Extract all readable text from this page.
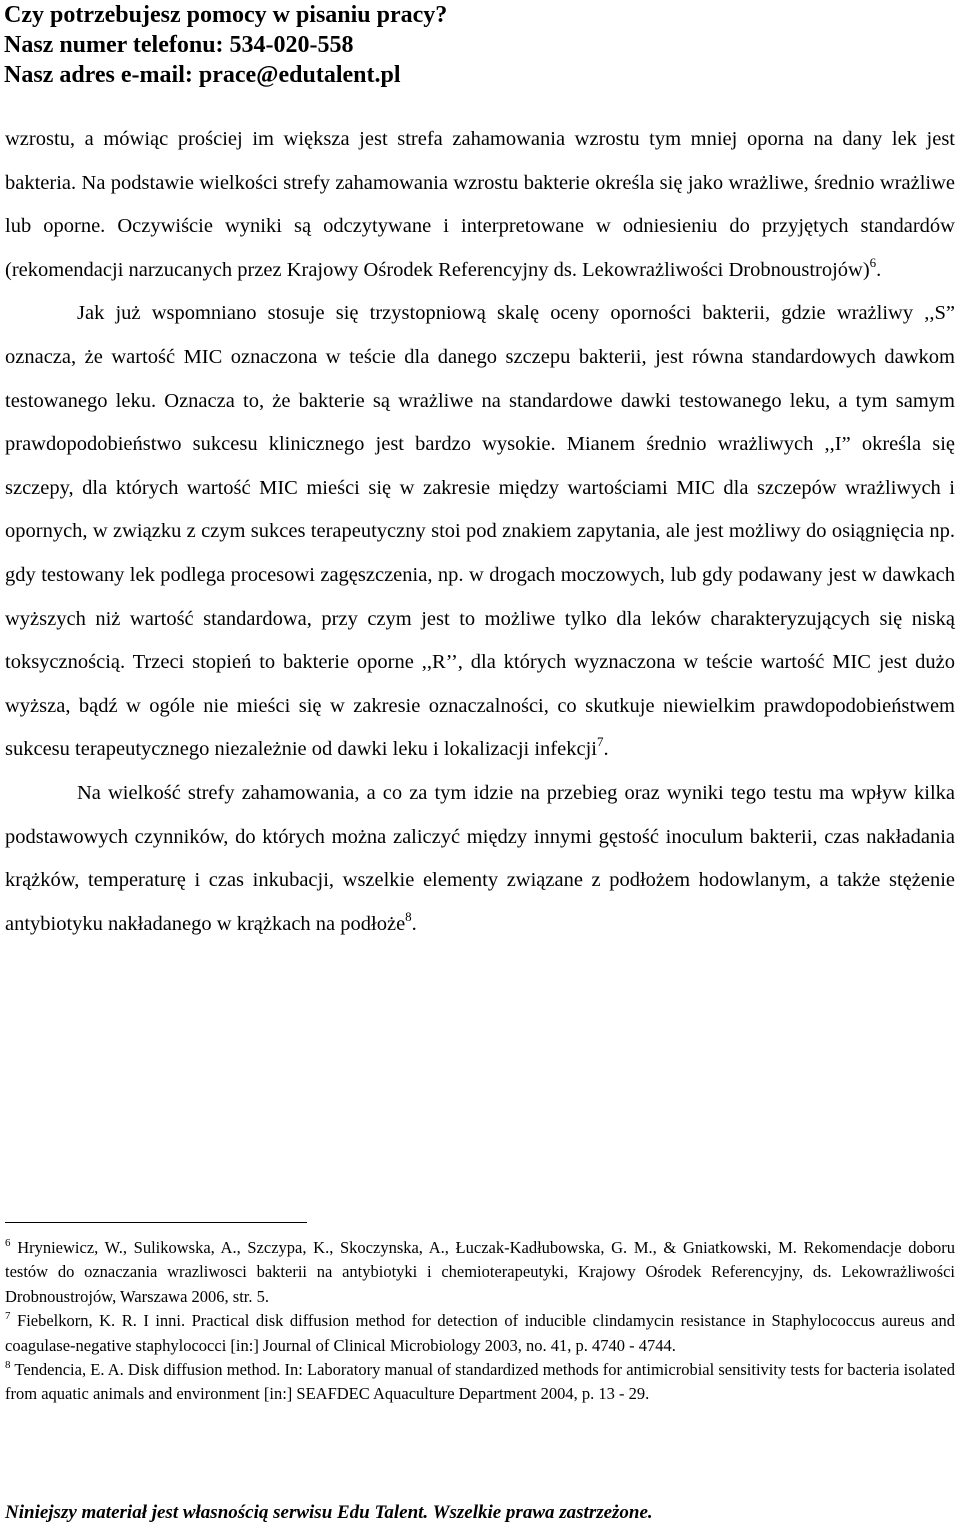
Czy potrzebujesz pomocy w pisaniu pracy?
Nasz numer telefonu: 534-020-558
Nasz adres e-mail: prace@edutalent.pl

wzrostu, a mówiąc prościej im większa jest strefa zahamowania wzrostu tym mniej oporna na dany lek jest bakteria. Na podstawie wielkości strefy zahamowania wzrostu bakterie określa się jako wrażliwe, średnio wrażliwe lub oporne. Oczywiście wyniki są odczytywane i interpretowane w odniesieniu do przyjętych standardów (rekomendacji narzucanych przez Krajowy Ośrodek Referencyjny ds. Lekowrażliwości Drobnoustrojów)$^6$.

Jak już wspomniano stosuje się trzystopniową skalę oceny oporności bakterii, gdzie wrażliwy ,,S” oznacza, że wartość MIC oznaczona w teście dla danego szczepu bakterii, jest równa standardowych dawkom testowanego leku. Oznacza to, że bakterie są wrażliwe na standardowe dawki testowanego leku, a tym samym prawdopodobieństwo sukcesu klinicznego jest bardzo wysokie. Mianem średnio wrażliwych ,,I” określa się szczepy, dla których wartość MIC mieści się w zakresie między wartościami MIC dla szczepów wrażliwych i opornych, w związku z czym sukces terapeutyczny stoi pod znakiem zapytania, ale jest możliwy do osiągnięcia np. gdy testowany lek podlega procesowi zagęszczenia, np. w drogach moczowych, lub gdy podawany jest w dawkach wyższych niż wartość standardowa, przy czym jest to możliwe tylko dla leków charakteryzujących się niską toksycznością. Trzeci stopień to bakterie oporne ,,R’’, dla których wyznaczona w teście wartość MIC jest dużo wyższa, bądź w ogóle nie mieści się w zakresie oznaczalności, co skutkuje niewielkim prawdopodobieństwem sukcesu terapeutycznego niezależnie od dawki leku i lokalizacji infekcji$^7$.

Na wielkość strefy zahamowania, a co za tym idzie na przebieg oraz wyniki tego testu ma wpływ kilka podstawowych czynników, do których można zaliczyć między innymi gęstość inoculum bakterii, czas nakładania krążków, temperaturę i czas inkubacji, wszelkie elementy związane z podłożem hodowlanym, a także stężenie antybiotyku nakładanego w krążkach na podłoże$^8$.

$^6$ Hryniewicz, W., Sulikowska, A., Szczypa, K., Skoczynska, A., Łuczak-Kadłubowska, G. M., & Gniatkowski, M. Rekomendacje doboru testów do oznaczania wrazliwosci bakterii na antybiotyki i chemioterapeutyki, Krajowy Ośrodek Referencyjny, ds. Lekowrażliwości Drobnoustrojów, Warszawa 2006, str. 5.

$^7$ Fiebelkorn, K. R. I inni. Practical disk diffusion method for detection of inducible clindamycin resistance in Staphylococcus aureus and coagulase-negative staphylococci [in:] Journal of Clinical Microbiology 2003, no. 41, p. 4740 - 4744.

$^8$ Tendencia, E. A. Disk diffusion method. In: Laboratory manual of standardized methods for antimicrobial sensitivity tests for bacteria isolated from aquatic animals and environment [in:] SEAFDEC Aquaculture Department 2004, p. 13 - 29.

Niniejszy materiał jest własnością serwisu Edu Talent. Wszelkie prawa zastrzeżone.
